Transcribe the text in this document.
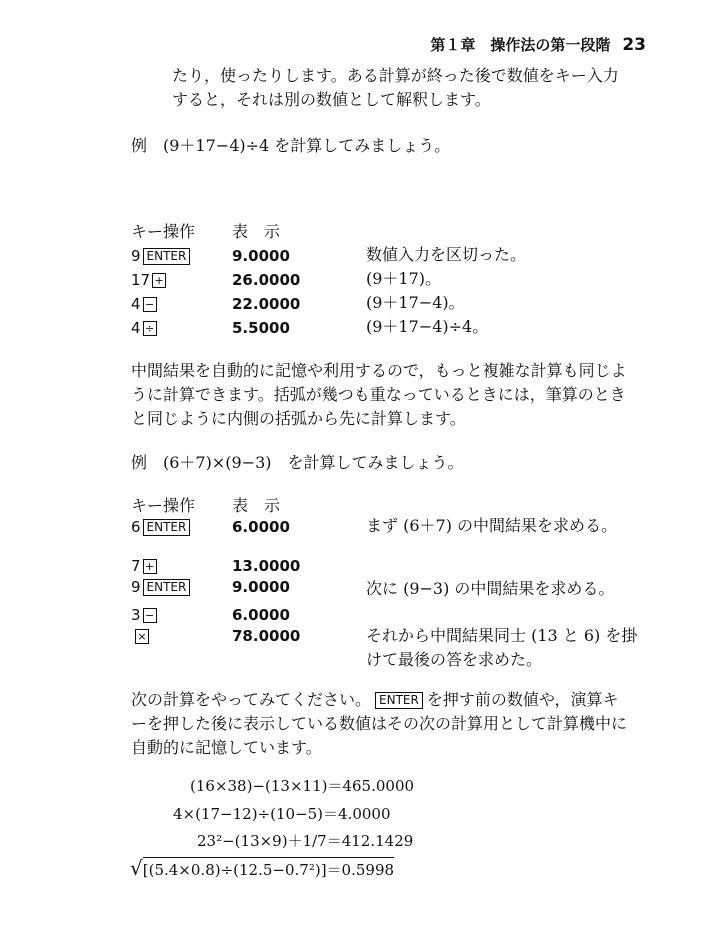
第１章　操作法の第一段階 23
たり，使ったりします。ある計算が終った後で数値をキー入力
すると，それは別の数値として解釈します。
例　(9＋17−4)÷4 を計算してみましょう。
キー操作 表　示
9 ENTER	9.0000	数値入力を区切った。
17 +	26.0000	(9＋17)。
4 −	22.0000	(9＋17−4)。
4 ÷	5.5000	(9＋17−4)÷4。
中間結果を自動的に記憶や利用するので，もっと複雑な計算も同じよ
うに計算できます。括弧が幾つも重なっているときには，筆算のとき
と同じように内側の括弧から先に計算します。
例　(6＋7)×(9−3)　を計算してみましょう。
キー操作 表　示
6 ENTER	6.0000	まず (6＋7) の中間結果を求める。
7 +	13.0000
9 ENTER	9.0000	次に (9−3) の中間結果を求める。
3 −	6.0000
×	78.0000	それから中間結果同士 (13 と 6) を掛
けて最後の答を求めた。
次の計算をやってみてください。 ENTER を押す前の数値や，演算キ
ーを押した後に表示している数値はその次の計算用として計算機中に
自動的に記憶しています。
(16×38)−(13×11)＝465.0000
4×(17−12)÷(10−5)＝4.0000
23²−(13×9)＋1/7＝412.1429
√[(5.4×0.8)÷(12.5−0.7²)]＝0.5998
